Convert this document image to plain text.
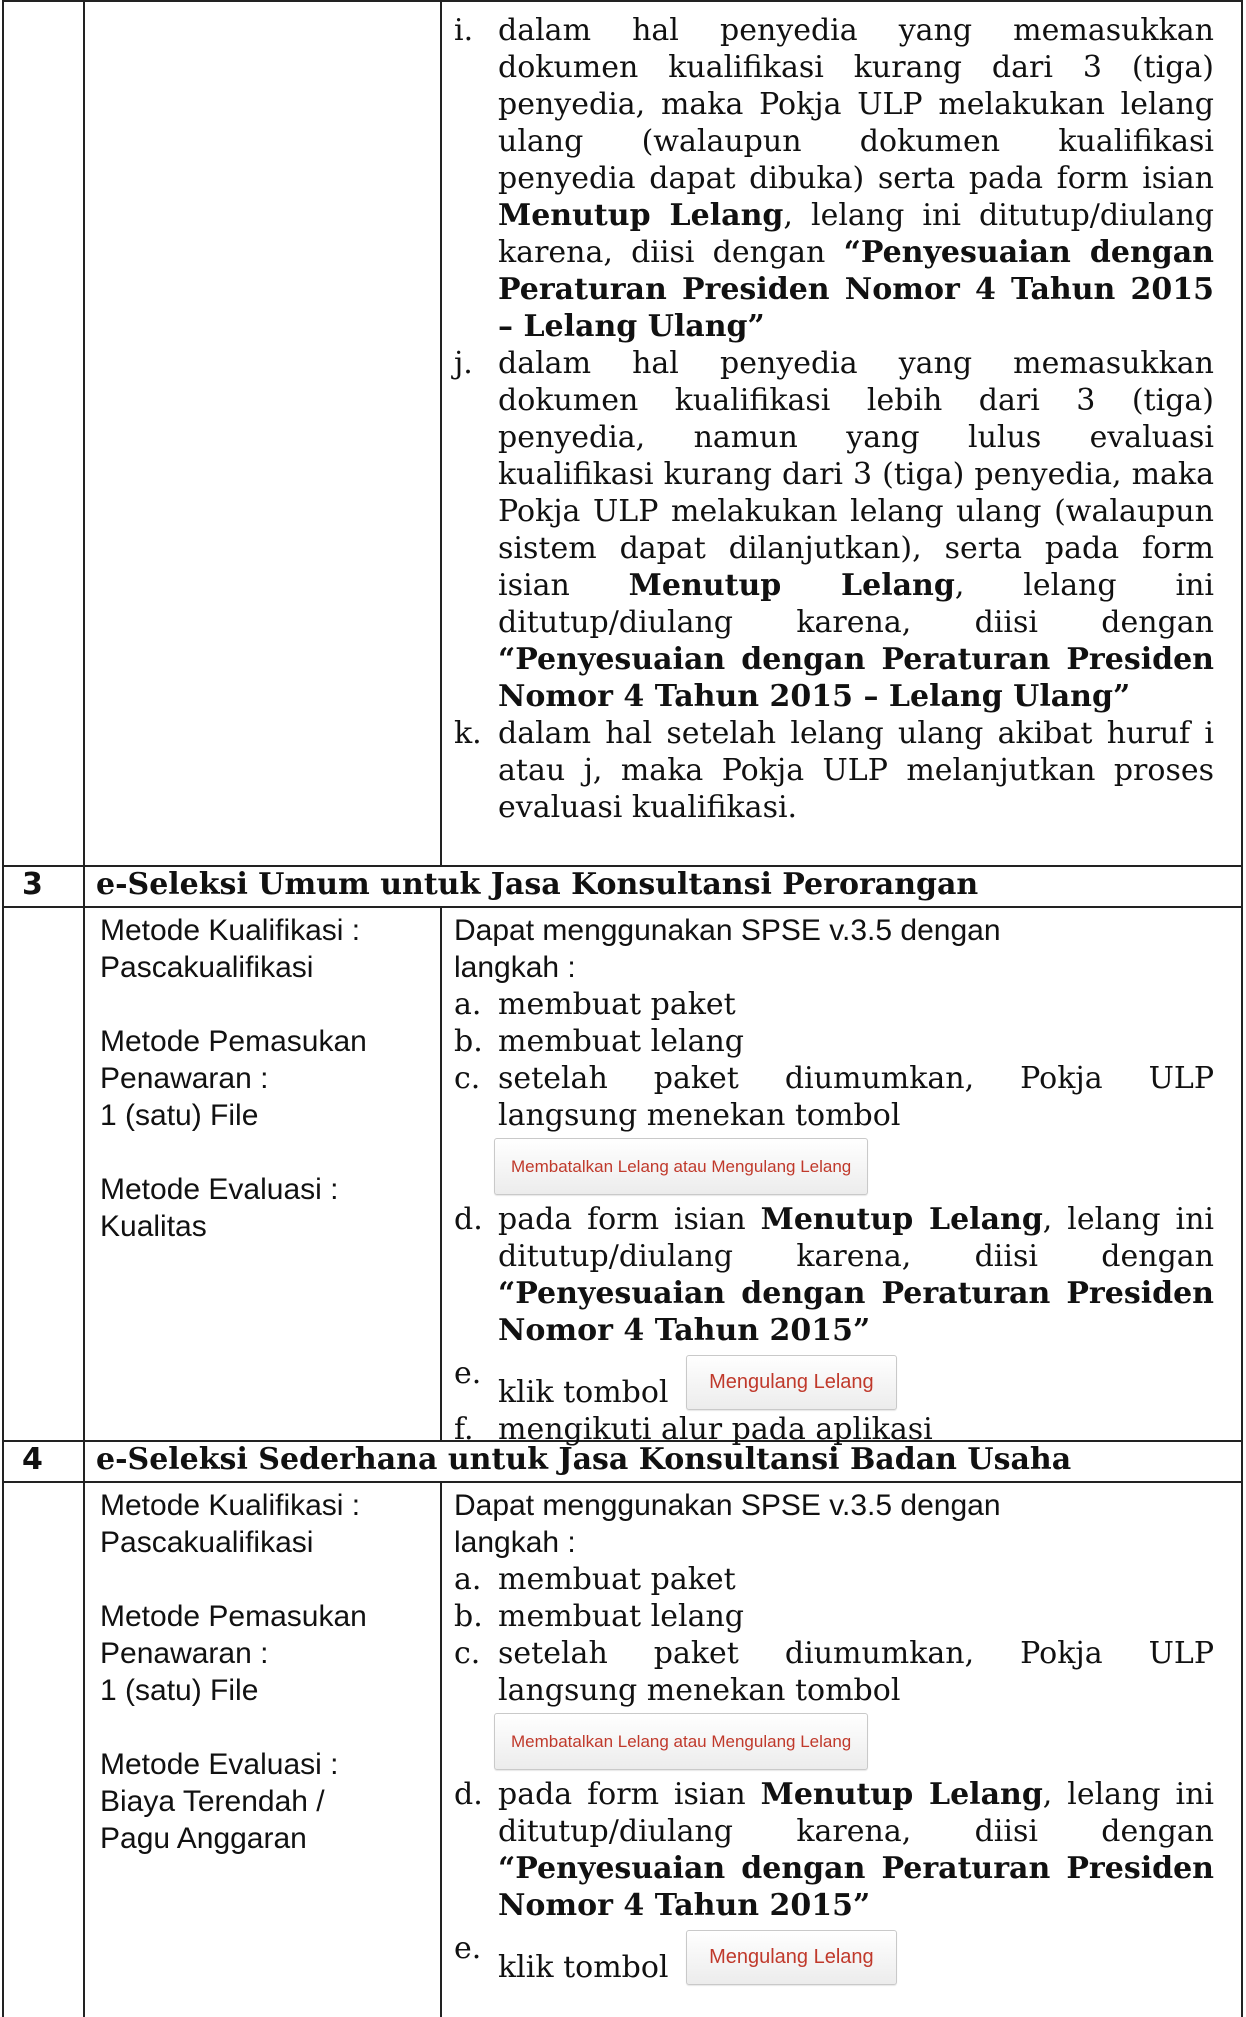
i. dalam hal penyedia yang memasukkan dokumen kualifikasi kurang dari 3 (tiga) penyedia, maka Pokja ULP melakukan lelang ulang (walaupun dokumen kualifikasi penyedia dapat dibuka) serta pada form isian Menutup Lelang, lelang ini ditutup/diulang karena, diisi dengan “Penyesuaian dengan Peraturan Presiden Nomor 4 Tahun 2015 – Lelang Ulang”
j. dalam hal penyedia yang memasukkan dokumen kualifikasi lebih dari 3 (tiga) penyedia, namun yang lulus evaluasi kualifikasi kurang dari 3 (tiga) penyedia, maka Pokja ULP melakukan lelang ulang (walaupun sistem dapat dilanjutkan), serta pada form isian Menutup Lelang, lelang ini ditutup/diulang karena, diisi dengan “Penyesuaian dengan Peraturan Presiden Nomor 4 Tahun 2015 – Lelang Ulang”
k. dalam hal setelah lelang ulang akibat huruf i atau j, maka Pokja ULP melanjutkan proses evaluasi kualifikasi.
3 e-Seleksi Umum untuk Jasa Konsultansi Perorangan

Metode Kualifikasi :

Pascakualifikasi

Metode Pemasukan

Penawaran :

1 (satu) File

Metode Evaluasi :

Kualitas

Dapat menggunakan SPSE v.3.5 dengan

langkah :

a. membuat paket
b. membuat lelang
c. setelah paket diumumkan, Pokja ULP langsung menekan tombol
Membatalkan Lelang atau Mengulang Lelang
d. pada form isian Menutup Lelang, lelang ini ditutup/diulang karena, diisi dengan “Penyesuaian dengan Peraturan Presiden Nomor 4 Tahun 2015”
e.
klik tombol Mengulang Lelang
f. mengikuti alur pada aplikasi
4 e-Seleksi Sederhana untuk Jasa Konsultansi Badan Usaha

Metode Kualifikasi :

Pascakualifikasi

Metode Pemasukan

Penawaran :

1 (satu) File

Metode Evaluasi :

Biaya Terendah /

Pagu Anggaran

Dapat menggunakan SPSE v.3.5 dengan

langkah :

a. membuat paket
b. membuat lelang
c. setelah paket diumumkan, Pokja ULP langsung menekan tombol
Membatalkan Lelang atau Mengulang Lelang
d. pada form isian Menutup Lelang, lelang ini ditutup/diulang karena, diisi dengan “Penyesuaian dengan Peraturan Presiden Nomor 4 Tahun 2015”
e.
klik tombol Mengulang Lelang
